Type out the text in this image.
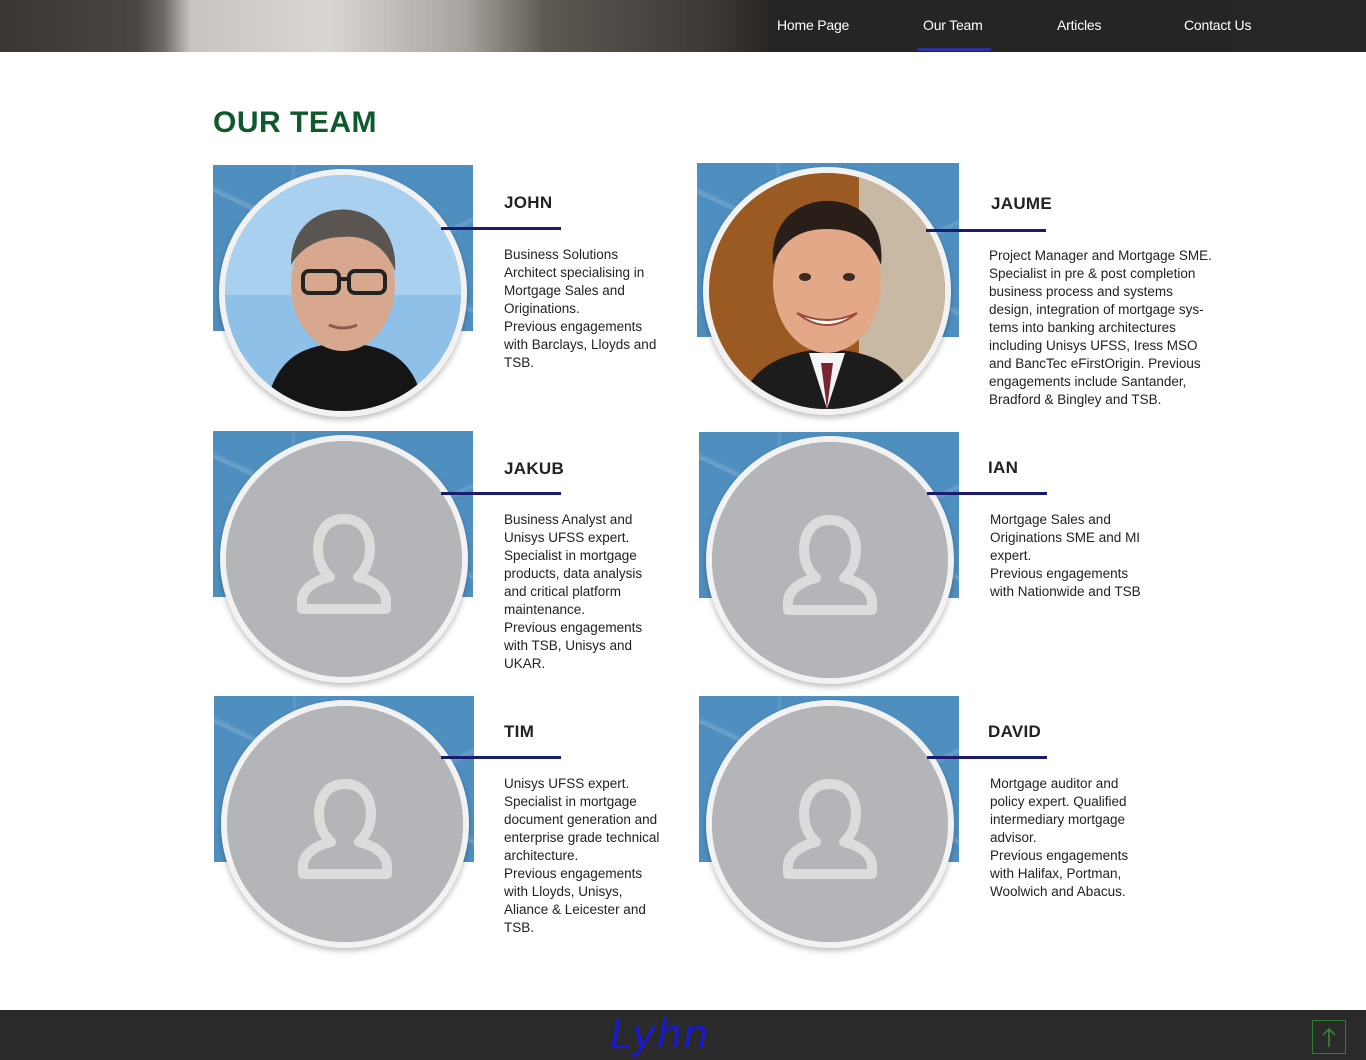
Home Page	Our Team	Articles	Contact Us
OUR TEAM
JOHN
Business Solutions
Architect specialising in
Mortgage Sales and
Originations.
Previous engagements
with Barclays, Lloyds and
TSB.
JAUME
Project Manager and Mortgage SME.
Specialist in pre & post completion
business process and systems
design, integration of mortgage sys-
tems into banking architectures
including Unisys UFSS, Iress MSO
and BancTec eFirstOrigin. Previous
engagements include Santander,
Bradford & Bingley and TSB.
JAKUB
Business Analyst and
Unisys UFSS expert.
Specialist in mortgage
products, data analysis
and critical platform
maintenance.
Previous engagements
with TSB, Unisys and
UKAR.
IAN
Mortgage Sales and
Originations SME and MI
expert.
Previous engagements
with Nationwide and TSB
TIM
Unisys UFSS expert.
Specialist in mortgage
document generation and
enterprise grade technical
architecture.
Previous engagements
with Lloyds, Unisys,
Aliance & Leicester and
TSB.
DAVID
Mortgage auditor and
policy expert. Qualified
intermediary mortgage
advisor.
Previous engagements
with Halifax, Portman,
Woolwich and Abacus.
Lyhn
